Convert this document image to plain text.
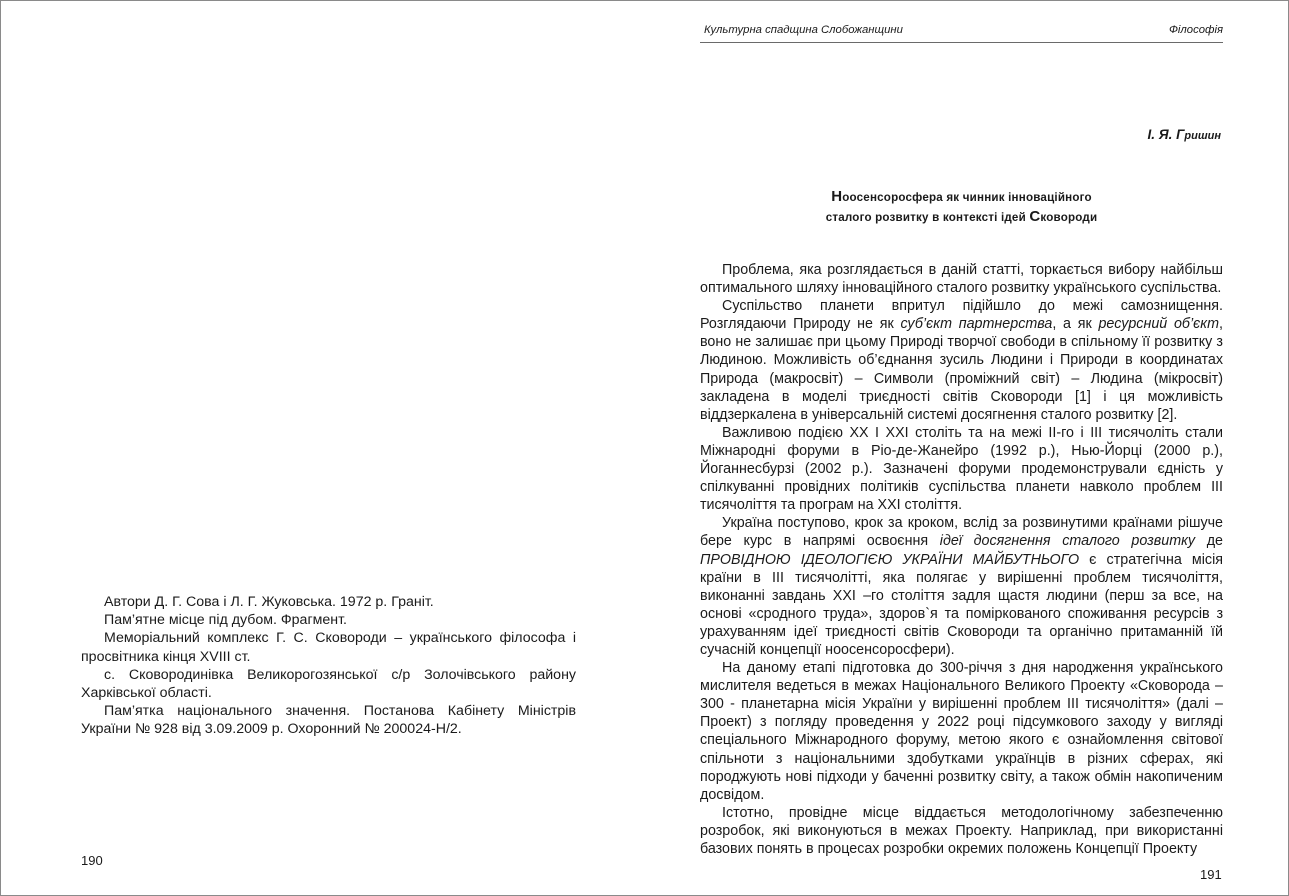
Автори Д. Г. Сова і Л. Г. Жуковська. 1972 р. Граніт.

Пам’ятне місце під дубом. Фрагмент.

Меморіальний комплекс Г. С. Сковороди – українського філософа і просвітника кінця XVIII ст.

с. Сковородинівка Великорогозянської с/р Золочівського району Харківської області.

Пам’ятка національного значення. Постанова Кабінету Міністрів України № 928 від 3.09.2009 р. Охоронний № 200024-Н/2.

190
Культурна спадщина Слобожанщини	Філософія
І. Я. Гришин
Ноосенсоросфера як чинник інноваційного
сталого розвитку в контексті ідей Сковороди

Проблема, яка розглядається в даній статті, торкається вибору найбільш оптимального шляху інноваційного сталого розвитку українського суспільства.

Суспільство планети впритул підійшло до межі самознищення. Розглядаючи Природу не як суб’єкт партнерства, а як ресурсний об’єкт, воно не залишає при цьому Природі творчої свободи в спільному її розвитку з Людиною. Можливість об’єднання зусиль Людини і Природи в координатах Природа (макросвіт) – Символи (проміжний світ) – Людина (мікросвіт) закладена в моделі триєдності світів Сковороди [1] і ця можливість віддзеркалена в універсальній системі досягнення сталого розвитку [2].

Важливою подією ХХ І ХХІ століть та на межі ІІ-го і ІІІ тисячоліть стали Міжнародні форуми в Ріо-де-Жанейро (1992 р.), Нью-Йорці (2000 р.), Йоганнесбурзі (2002 р.). Зазначені форуми продемонстрували єдність у спілкуванні провідних політиків суспільства планети навколо проблем ІІІ тисячоліття та програм на ХХІ століття.

Україна поступово, крок за кроком, вслід за розвинутими країнами рішуче бере курс в напрямі освоєння ідеї досягнення сталого розвитку де ПРОВІДНОЮ ІДЕОЛОГІЄЮ УКРАЇНИ МАЙБУТНЬОГО є стратегічна місія країни в ІІІ тисячолітті, яка полягає у вирішенні проблем тисячоліття, виконанні завдань ХХІ –го століття задля щастя людини (перш за все, на основі «сродного труда», здоров`я та поміркованого споживання ресурсів з урахуванням ідеї триєдності світів Сковороди та органічно притаманній їй сучасній концепції ноосенсоросфери).

На даному етапі підготовка до 300-річчя з дня народження українського мислителя ведеться в межах Національного Великого Проекту «Сковорода – 300 - планетарна місія України у вирішенні проблем ІІІ тисячоліття» (далі – Проект) з погляду проведення у 2022 році підсумкового заходу у вигляді спеціального Міжнародного форуму, метою якого є ознайомлення світової спільноти з національними здобутками українців в різних сферах, які породжують нові підходи у баченні розвитку світу, а також обмін накопиченим досвідом.

Істотно, провідне місце віддається методологічному забезпеченню розробок, які виконуються в межах Проекту. Наприклад, при використанні базових понять в процесах розробки окремих положень Концепції Проекту

191
